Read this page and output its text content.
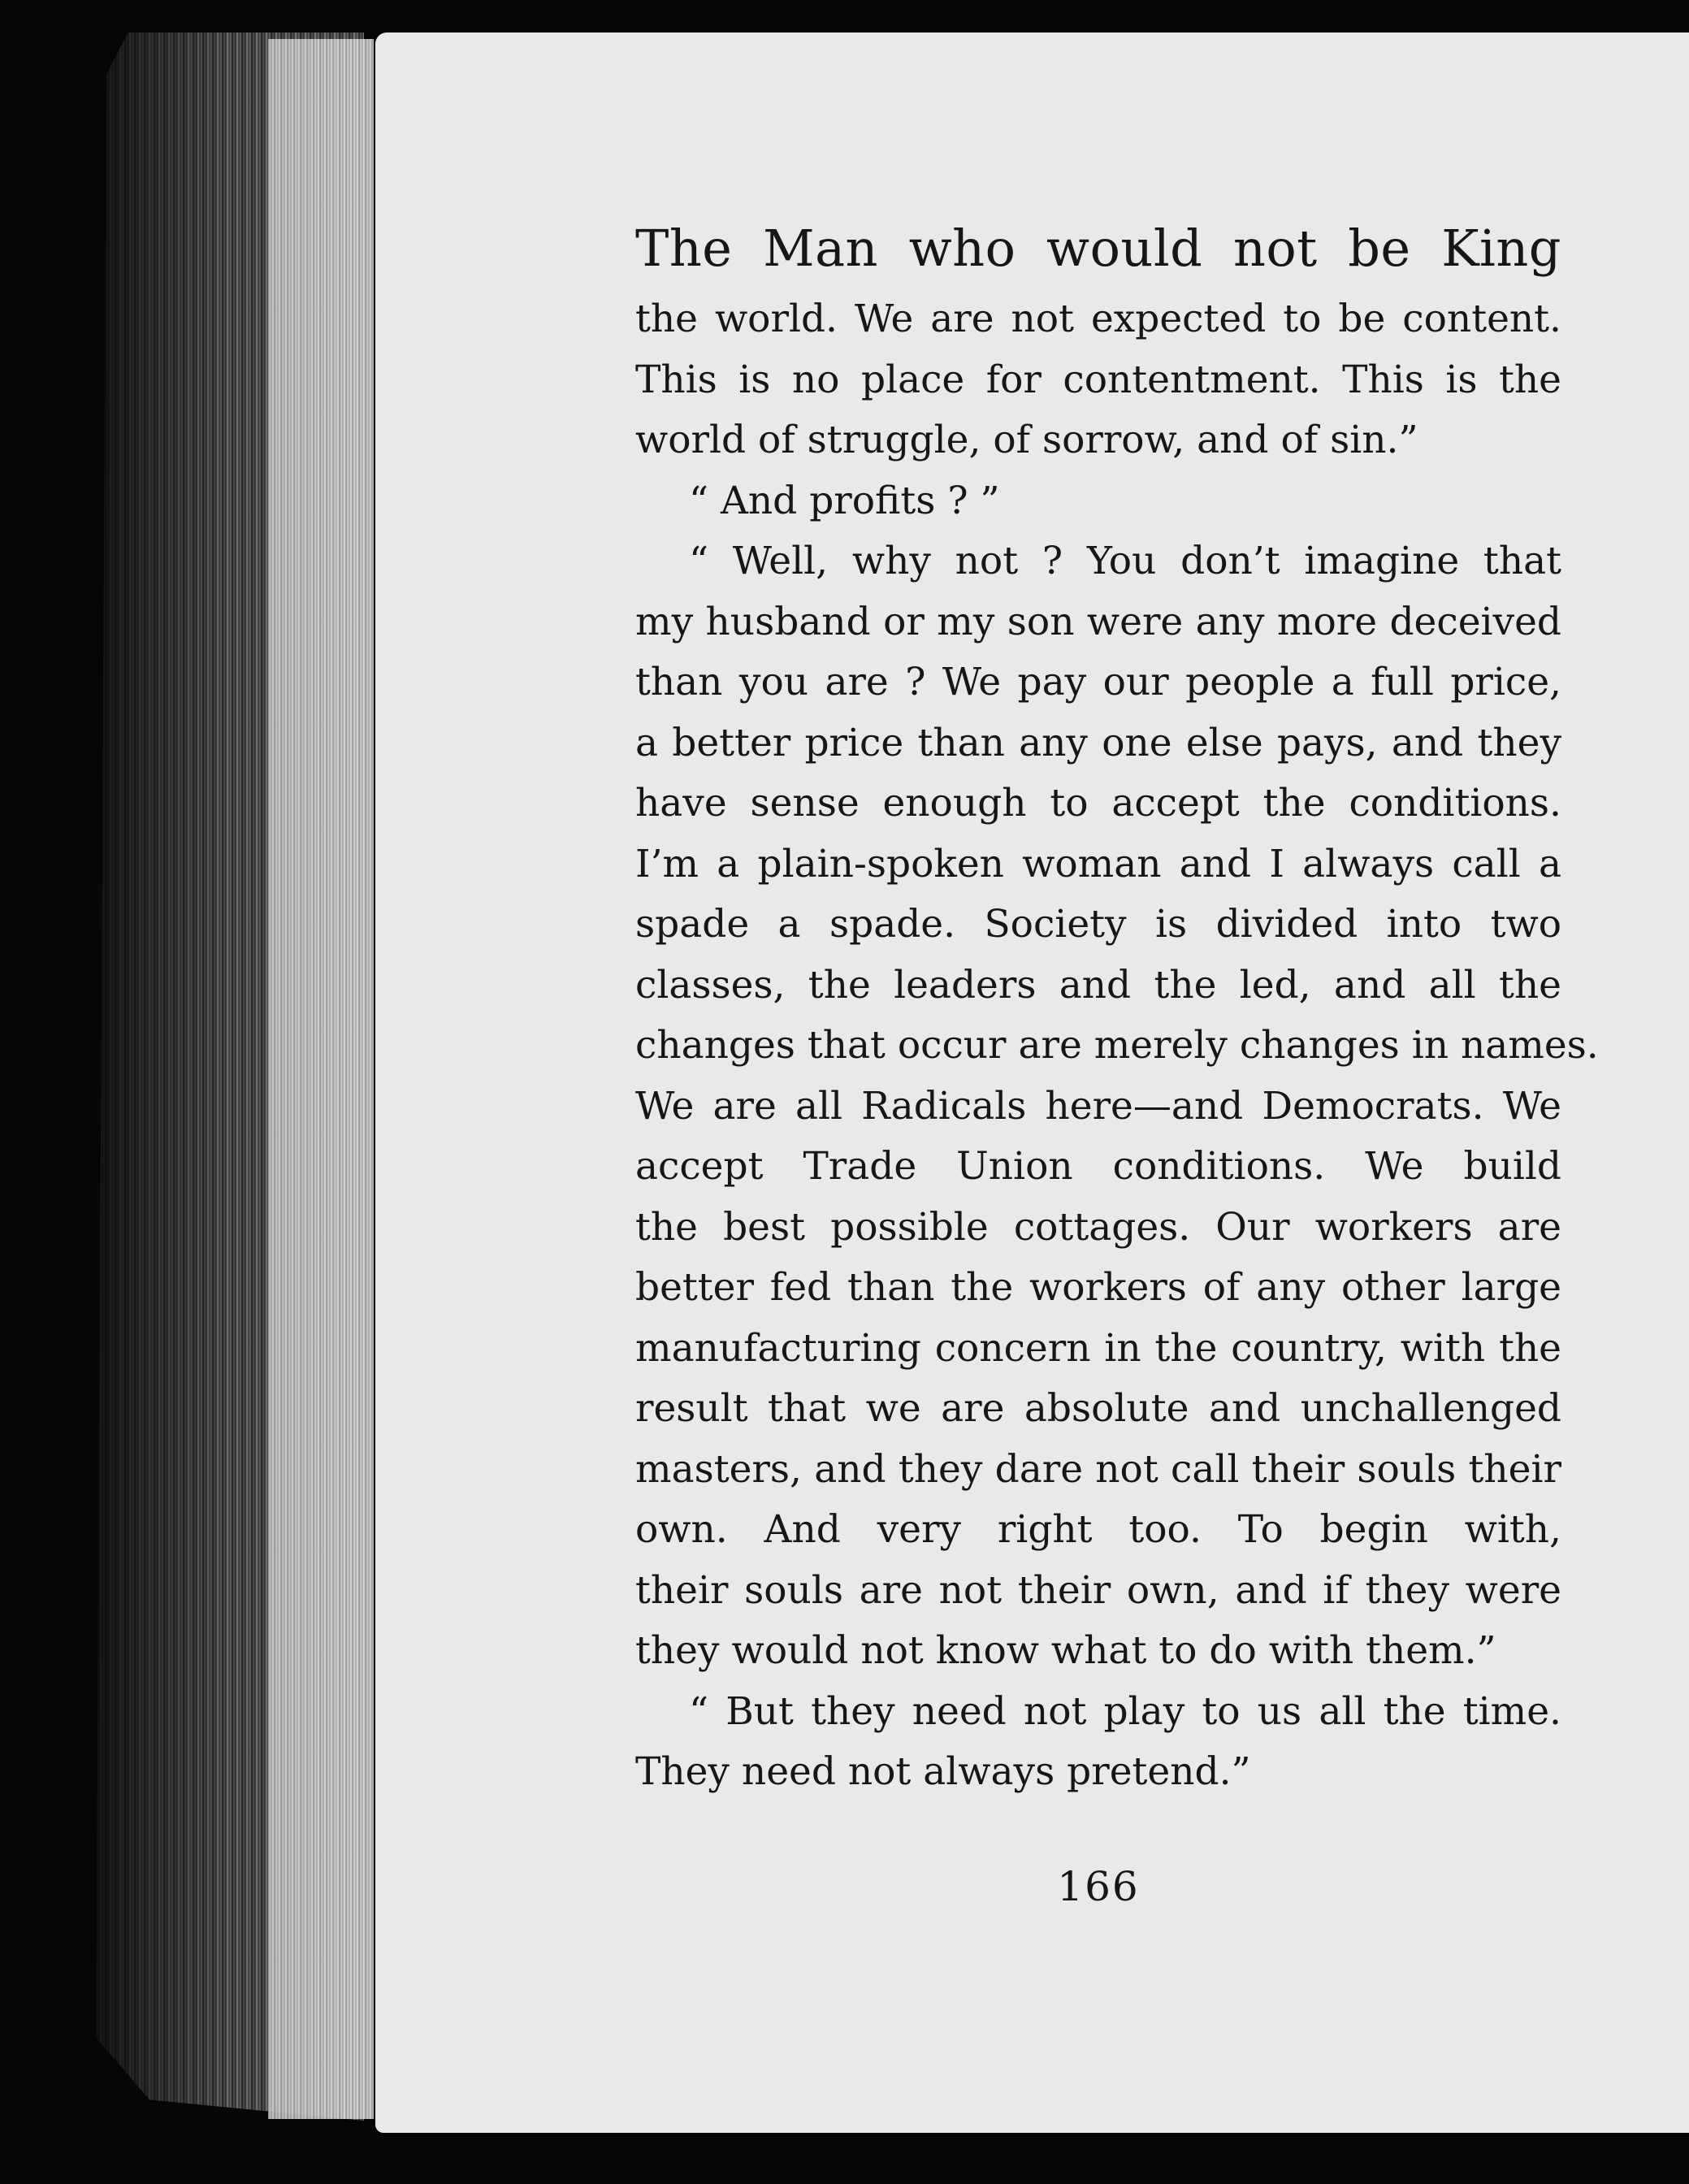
The Man who would not be King
the world. We are not expected to be content.
This is no place for contentment. This is the
world of struggle, of sorrow, and of sin.”
“ And profits ? ”
“ Well, why not ? You don’t imagine that
my husband or my son were any more deceived
than you are ? We pay our people a full price,
a better price than any one else pays, and they
have sense enough to accept the conditions.
I’m a plain-spoken woman and I always call a
spade a spade. Society is divided into two
classes, the leaders and the led, and all the
changes that occur are merely changes in names.
We are all Radicals here—and Democrats. We
accept Trade Union conditions. We build
the best possible cottages. Our workers are
better fed than the workers of any other large
manufacturing concern in the country, with the
result that we are absolute and unchallenged
masters, and they dare not call their souls their
own. And very right too. To begin with,
their souls are not their own, and if they were
they would not know what to do with them.”
“ But they need not play to us all the time.
They need not always pretend.”
166
